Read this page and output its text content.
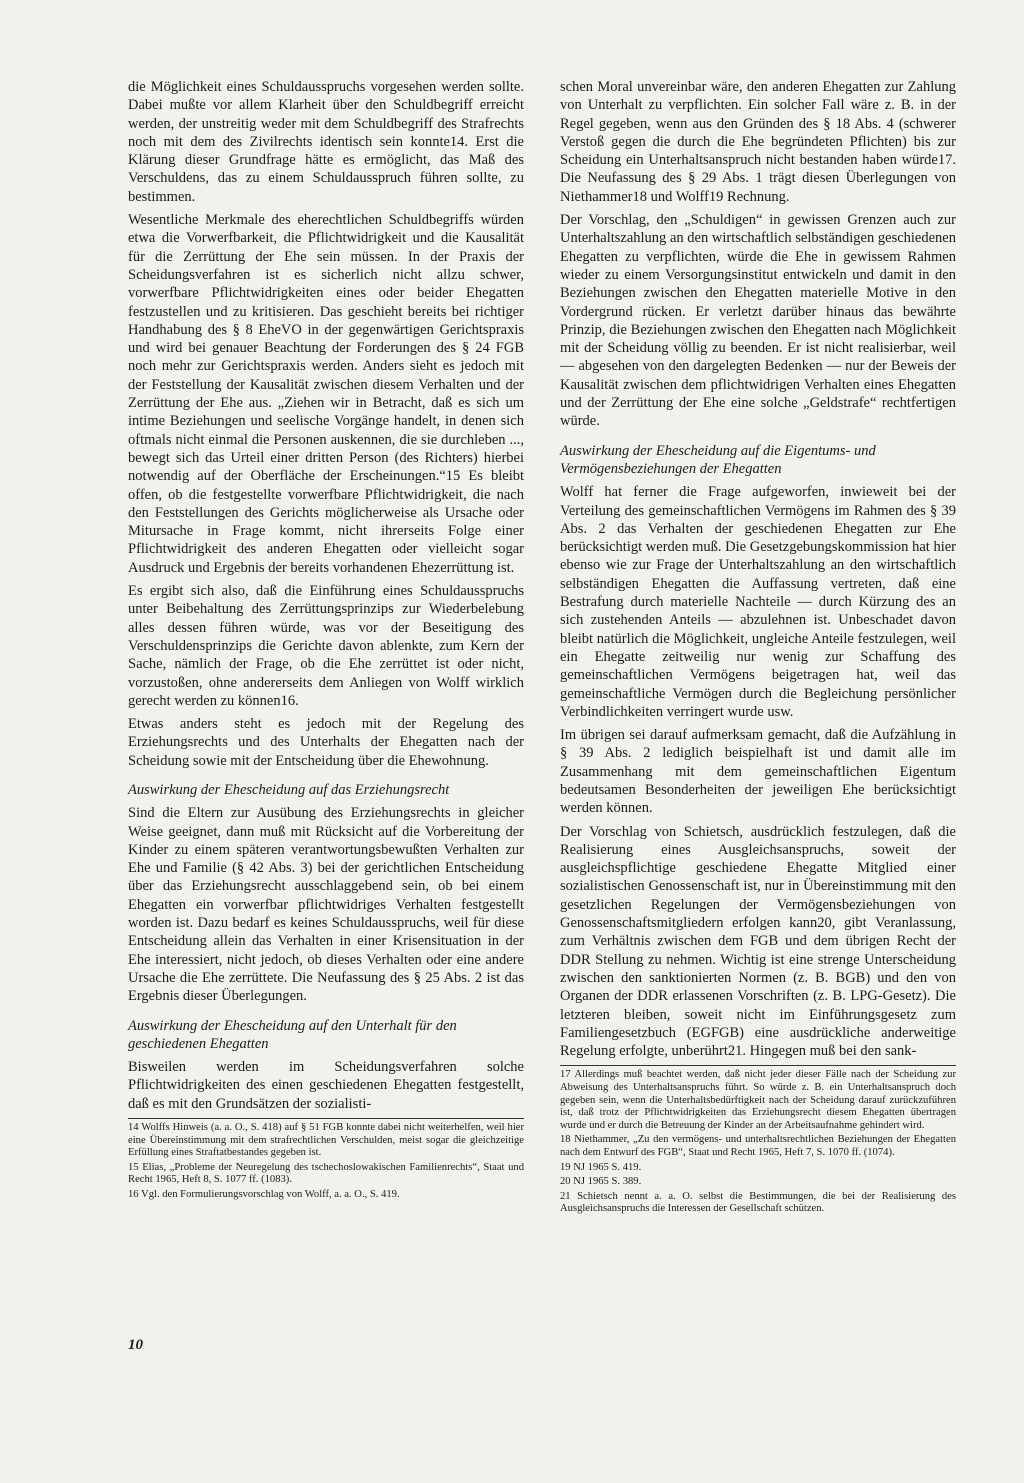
die Möglichkeit eines Schuldausspruchs vorgesehen werden sollte. Dabei mußte vor allem Klarheit über den Schuldbegriff erreicht werden, der unstreitig weder mit dem Schuldbegriff des Strafrechts noch mit dem des Zivilrechts identisch sein konnte14. Erst die Klärung dieser Grundfrage hätte es ermöglicht, das Maß des Verschuldens, das zu einem Schuldausspruch führen sollte, zu bestimmen.

Wesentliche Merkmale des eherechtlichen Schuldbegriffs würden etwa die Vorwerfbarkeit, die Pflichtwidrigkeit und die Kausalität für die Zerrüttung der Ehe sein müssen. In der Praxis der Scheidungsverfahren ist es sicherlich nicht allzu schwer, vorwerfbare Pflichtwidrigkeiten eines oder beider Ehegatten festzustellen und zu kritisieren. Das geschieht bereits bei richtiger Handhabung des § 8 EheVO in der gegenwärtigen Gerichtspraxis und wird bei genauer Beachtung der Forderungen des § 24 FGB noch mehr zur Gerichtspraxis werden. Anders sieht es jedoch mit der Feststellung der Kausalität zwischen diesem Verhalten und der Zerrüttung der Ehe aus. „Ziehen wir in Betracht, daß es sich um intime Beziehungen und seelische Vorgänge handelt, in denen sich oftmals nicht einmal die Personen auskennen, die sie durchleben ..., bewegt sich das Urteil einer dritten Person (des Richters) hierbei notwendig auf der Oberfläche der Erscheinungen.“15 Es bleibt offen, ob die festgestellte vorwerfbare Pflichtwidrigkeit, die nach den Feststellungen des Gerichts möglicherweise als Ursache oder Mitursache in Frage kommt, nicht ihrerseits Folge einer Pflichtwidrigkeit des anderen Ehegatten oder vielleicht sogar Ausdruck und Ergebnis der bereits vorhandenen Ehezerrüttung ist.

Es ergibt sich also, daß die Einführung eines Schuldausspruchs unter Beibehaltung des Zerrüttungsprinzips zur Wiederbelebung alles dessen führen würde, was vor der Beseitigung des Verschuldensprinzips die Gerichte davon ablenkte, zum Kern der Sache, nämlich der Frage, ob die Ehe zerrüttet ist oder nicht, vorzustoßen, ohne andererseits dem Anliegen von Wolff wirklich gerecht werden zu können16.

Etwas anders steht es jedoch mit der Regelung des Erziehungsrechts und des Unterhalts der Ehegatten nach der Scheidung sowie mit der Entscheidung über die Ehewohnung.

Auswirkung der Ehescheidung auf das Erziehungsrecht

Sind die Eltern zur Ausübung des Erziehungsrechts in gleicher Weise geeignet, dann muß mit Rücksicht auf die Vorbereitung der Kinder zu einem späteren verantwortungsbewußten Verhalten zur Ehe und Familie (§ 42 Abs. 3) bei der gerichtlichen Entscheidung über das Erziehungsrecht ausschlaggebend sein, ob bei einem Ehegatten ein vorwerfbar pflichtwidriges Verhalten festgestellt worden ist. Dazu bedarf es keines Schuldausspruchs, weil für diese Entscheidung allein das Verhalten in einer Krisensituation in der Ehe interessiert, nicht jedoch, ob dieses Verhalten oder eine andere Ursache die Ehe zerrüttete. Die Neufassung des § 25 Abs. 2 ist das Ergebnis dieser Überlegungen.

Auswirkung der Ehescheidung auf den Unterhalt für den geschiedenen Ehegatten

Bisweilen werden im Scheidungsverfahren solche Pflichtwidrigkeiten des einen geschiedenen Ehegatten festgestellt, daß es mit den Grundsätzen der sozialisti-

14 Wolffs Hinweis (a. a. O., S. 418) auf § 51 FGB konnte dabei nicht weiterhelfen, weil hier eine Übereinstimmung mit dem strafrechtlichen Verschulden, meist sogar die gleichzeitige Erfüllung eines Straftatbestandes gegeben ist.

15 Elias, „Probleme der Neuregelung des tschechoslowakischen Familienrechts“, Staat und Recht 1965, Heft 8, S. 1077 ff. (1083).

16 Vgl. den Formulierungsvorschlag von Wolff, a. a. O., S. 419.

schen Moral unvereinbar wäre, den anderen Ehegatten zur Zahlung von Unterhalt zu verpflichten. Ein solcher Fall wäre z. B. in der Regel gegeben, wenn aus den Gründen des § 18 Abs. 4 (schwerer Verstoß gegen die durch die Ehe begründeten Pflichten) bis zur Scheidung ein Unterhaltsanspruch nicht bestanden haben würde17. Die Neufassung des § 29 Abs. 1 trägt diesen Überlegungen von Niethammer18 und Wolff19 Rechnung.

Der Vorschlag, den „Schuldigen“ in gewissen Grenzen auch zur Unterhaltszahlung an den wirtschaftlich selbständigen geschiedenen Ehegatten zu verpflichten, würde die Ehe in gewissem Rahmen wieder zu einem Versorgungsinstitut entwickeln und damit in den Beziehungen zwischen den Ehegatten materielle Motive in den Vordergrund rücken. Er verletzt darüber hinaus das bewährte Prinzip, die Beziehungen zwischen den Ehegatten nach Möglichkeit mit der Scheidung völlig zu beenden. Er ist nicht realisierbar, weil — abgesehen von den dargelegten Bedenken — nur der Beweis der Kausalität zwischen dem pflichtwidrigen Verhalten eines Ehegatten und der Zerrüttung der Ehe eine solche „Geldstrafe“ rechtfertigen würde.

Auswirkung der Ehescheidung auf die Eigentums- und Vermögensbeziehungen der Ehegatten

Wolff hat ferner die Frage aufgeworfen, inwieweit bei der Verteilung des gemeinschaftlichen Vermögens im Rahmen des § 39 Abs. 2 das Verhalten der geschiedenen Ehegatten zur Ehe berücksichtigt werden muß. Die Gesetzgebungskommission hat hier ebenso wie zur Frage der Unterhaltszahlung an den wirtschaftlich selbständigen Ehegatten die Auffassung vertreten, daß eine Bestrafung durch materielle Nachteile — durch Kürzung des an sich zustehenden Anteils — abzulehnen ist. Unbeschadet davon bleibt natürlich die Möglichkeit, ungleiche Anteile festzulegen, weil ein Ehegatte zeitweilig nur wenig zur Schaffung des gemeinschaftlichen Vermögens beigetragen hat, weil das gemeinschaftliche Vermögen durch die Begleichung persönlicher Verbindlichkeiten verringert wurde usw.

Im übrigen sei darauf aufmerksam gemacht, daß die Aufzählung in § 39 Abs. 2 lediglich beispielhaft ist und damit alle im Zusammenhang mit dem gemeinschaftlichen Eigentum bedeutsamen Besonderheiten der jeweiligen Ehe berücksichtigt werden können.

Der Vorschlag von Schietsch, ausdrücklich festzulegen, daß die Realisierung eines Ausgleichsanspruchs, soweit der ausgleichspflichtige geschiedene Ehegatte Mitglied einer sozialistischen Genossenschaft ist, nur in Übereinstimmung mit den gesetzlichen Regelungen der Vermögensbeziehungen von Genossenschaftsmitgliedern erfolgen kann20, gibt Veranlassung, zum Verhältnis zwischen dem FGB und dem übrigen Recht der DDR Stellung zu nehmen. Wichtig ist eine strenge Unterscheidung zwischen den sanktionierten Normen (z. B. BGB) und den von Organen der DDR erlassenen Vorschriften (z. B. LPG-Gesetz). Die letzteren bleiben, soweit nicht im Einführungsgesetz zum Familiengesetzbuch (EGFGB) eine ausdrückliche anderweitige Regelung erfolgte, unberührt21. Hingegen muß bei den sank-

17 Allerdings muß beachtet werden, daß nicht jeder dieser Fälle nach der Scheidung zur Abweisung des Unterhaltsanspruchs führt. So würde z. B. ein Unterhaltsanspruch doch gegeben sein, wenn die Unterhaltsbedürftigkeit nach der Scheidung darauf zurückzuführen ist, daß trotz der Pflichtwidrigkeiten das Erziehungsrecht diesem Ehegatten übertragen wurde und er durch die Betreuung der Kinder an der Arbeitsaufnahme gehindert wird.

18 Niethammer, „Zu den vermögens- und unterhaltsrechtlichen Beziehungen der Ehegatten nach dem Entwurf des FGB“, Staat und Recht 1965, Heft 7, S. 1070 ff. (1074).

19 NJ 1965 S. 419.

20 NJ 1965 S. 389.

21 Schietsch nennt a. a. O. selbst die Bestimmungen, die bei der Realisierung des Ausgleichsanspruchs die Interessen der Gesellschaft schützen.

10
